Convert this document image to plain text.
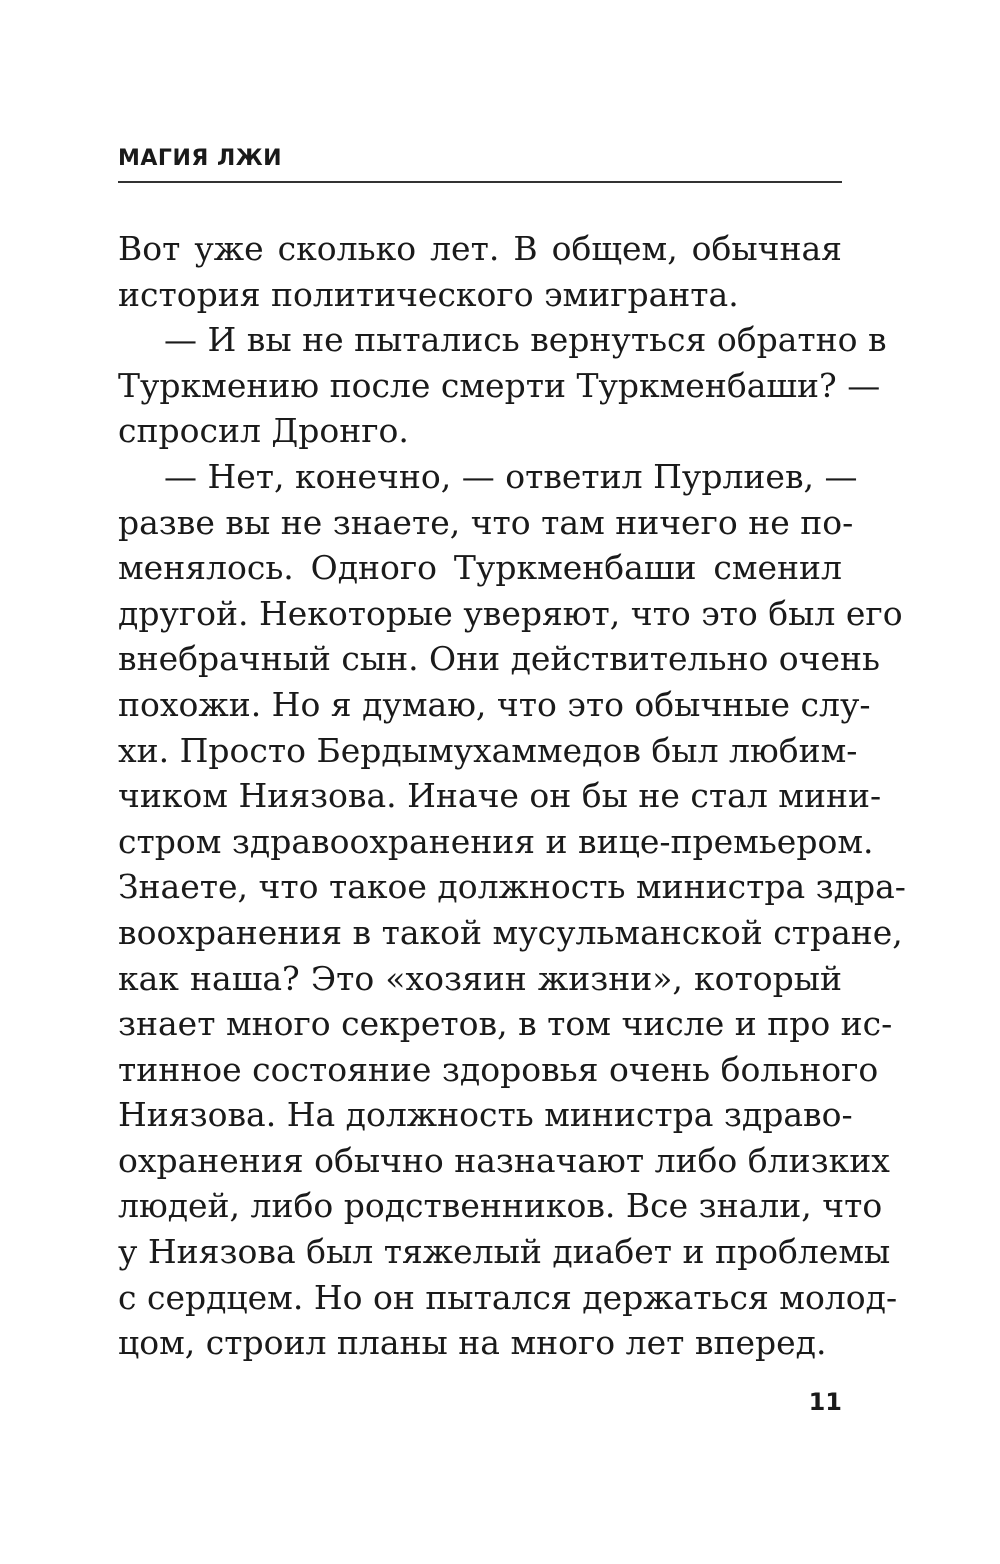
МАГИЯ ЛЖИ
Вот уже сколько лет. В общем, обычная
история политического эмигранта.
— И вы не пытались вернуться обратно в
Туркмению после смерти Туркменбаши? —
спросил Дронго.
— Нет, конечно, — ответил Пурлиев, —
разве вы не знаете, что там ничего не по-
менялось. Одного Туркменбаши сменил
другой. Некоторые уверяют, что это был его
внебрачный сын. Они действительно очень
похожи. Но я думаю, что это обычные слу-
хи. Просто Бердымухаммедов был любим-
чиком Ниязова. Иначе он бы не стал мини-
стром здравоохранения и вице-премьером.
Знаете, что такое должность министра здра-
воохранения в такой мусульманской стране,
как наша? Это «хозяин жизни», который
знает много секретов, в том числе и про ис-
тинное состояние здоровья очень больного
Ниязова. На должность министра здраво-
охранения обычно назначают либо близких
людей, либо родственников. Все знали, что
у Ниязова был тяжелый диабет и проблемы
с сердцем. Но он пытался держаться молод-
цом, строил планы на много лет вперед.
11
